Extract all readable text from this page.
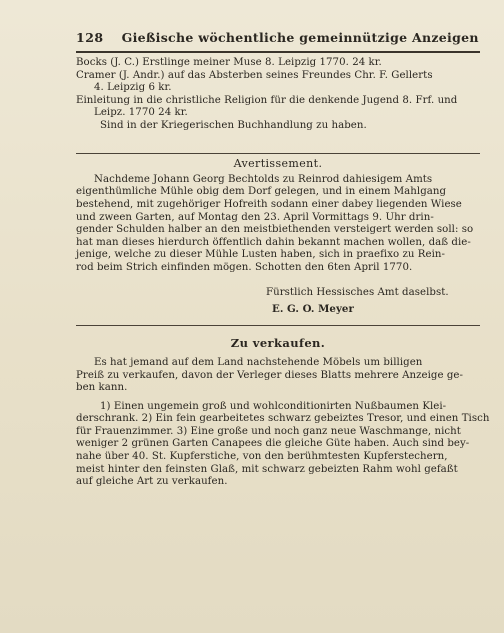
128 Gießische wöchentliche gemeinnützige Anzeigen
Bocks (J. C.) Erstlinge meiner Muse 8. Leipzig 1770. 24 kr.
Cramer (J. Andr.) auf das Absterben seines Freundes Chr. F. Gellerts
4. Leipzig 6 kr.
Einleitung in die christliche Religion für die denkende Jugend 8. Frf. und
Leipz. 1770 24 kr.
Sind in der Kriegerischen Buchhandlung zu haben.
Avertissement.
Nachdeme Johann Georg Bechtolds zu Reinrod dahiesigem Amts
eigenthümliche Mühle obig dem Dorf gelegen, und in einem Mahlgang
bestehend, mit zugehöriger Hofreith sodann einer dabey liegenden Wiese
und zween Garten, auf Montag den 23. April Vormittags 9. Uhr drin-
gender Schulden halber an den meistbiethenden versteigert werden soll: so
hat man dieses hierdurch öffentlich dahin bekannt machen wollen, daß die-
jenige, welche zu dieser Mühle Lusten haben, sich in praefixo zu Rein-
rod beim Strich einfinden mögen. Schotten den 6ten April 1770.
Fürstlich Hessisches Amt daselbst.
E. G. O. Meyer
Zu verkaufen.
Es hat jemand auf dem Land nachstehende Möbels um billigen
Preiß zu verkaufen, davon der Verleger dieses Blatts mehrere Anzeige ge-
ben kann.
1) Einen ungemein groß und wohlconditionirten Nußbaumen Klei-
derschrank. 2) Ein fein gearbeitetes schwarz gebeiztes Tresor, und einen Tisch
für Frauenzimmer. 3) Eine große und noch ganz neue Waschmange, nicht
weniger 2 grünen Garten Canapees die gleiche Güte haben. Auch sind bey-
nahe über 40. St. Kupferstiche, von den berühmtesten Kupferstechern,
meist hinter den feinsten Glaß, mit schwarz gebeizten Rahm wohl gefaßt
auf gleiche Art zu verkaufen.
